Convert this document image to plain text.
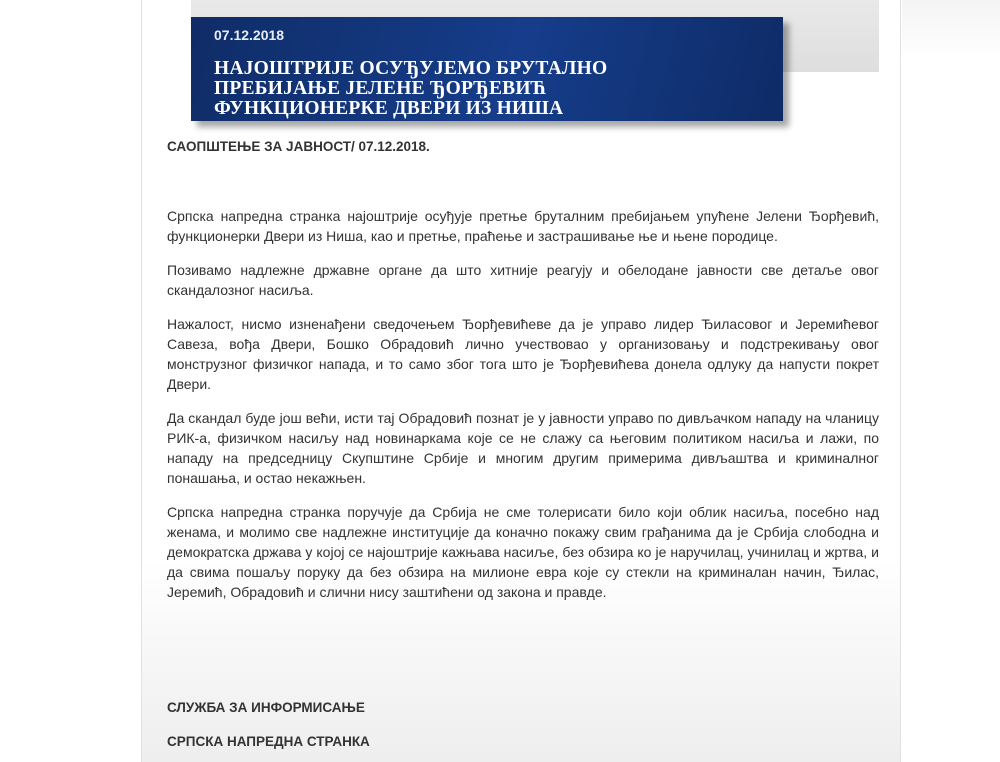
07.12.2018
НАЈОШТРИЈЕ ОСУЂУЈЕМО БРУТАЛНО
ПРЕБИЈАЊЕ ЈЕЛЕНЕ ЂОРЂЕВИЋ
ФУНКЦИОНЕРКЕ ДВЕРИ ИЗ НИША

САОПШТЕЊЕ ЗА ЈАВНОСТ/ 07.12.2018.

Српска напредна странка најоштрије осуђује претње бруталним пребијањем упућене Јелени Ђорђевић, функционерки Двери из Ниша, као и претње, праћење и застрашивање ње и њене породице.

Позивамо надлежне државне органе да што хитније реагују и обелодане јавности све детаље овог скандалозног насиља.

Нажалост, нисмо изненађени сведочењем Ђорђевићеве да је управо лидер Ђиласовог и Јеремићевог Савеза, вођа Двери, Бошко Обрадовић лично учествовао у организовању и подстрекивању овог монструзног физичког напада, и то само због тога што је Ђорђевићева донела одлуку да напусти покрет Двери.

Да скандал буде још већи, исти тај Обрадовић познат је у јавности управо по дивљачком нападу на чланицу РИК-а, физичком насиљу над новинаркама које се не слажу са његовим политиком насиља и лажи, по нападу на председницу Скупштине Србије и многим другим примерима дивљаштва и криминалног понашања, и остао некажњен.

Српска напредна странка поручује да Србија не сме толерисати било који облик насиља, посебно над женама, и молимо све надлежне институције да коначно покажу свим грађанима да је Србија слободна и демократска држава у којој се најоштрије кажњава насиље, без обзира ко је наручилац, учинилац и жртва, и да свима пошаљу поруку да без обзира на милионе евра које су стекли на криминалан начин, Ђилас, Јеремић, Обрадовић и слични нису заштићени од закона и правде.

СЛУЖБА ЗА ИНФОРМИСАЊЕ
СРПСКА НАПРЕДНА СТРАНКА
